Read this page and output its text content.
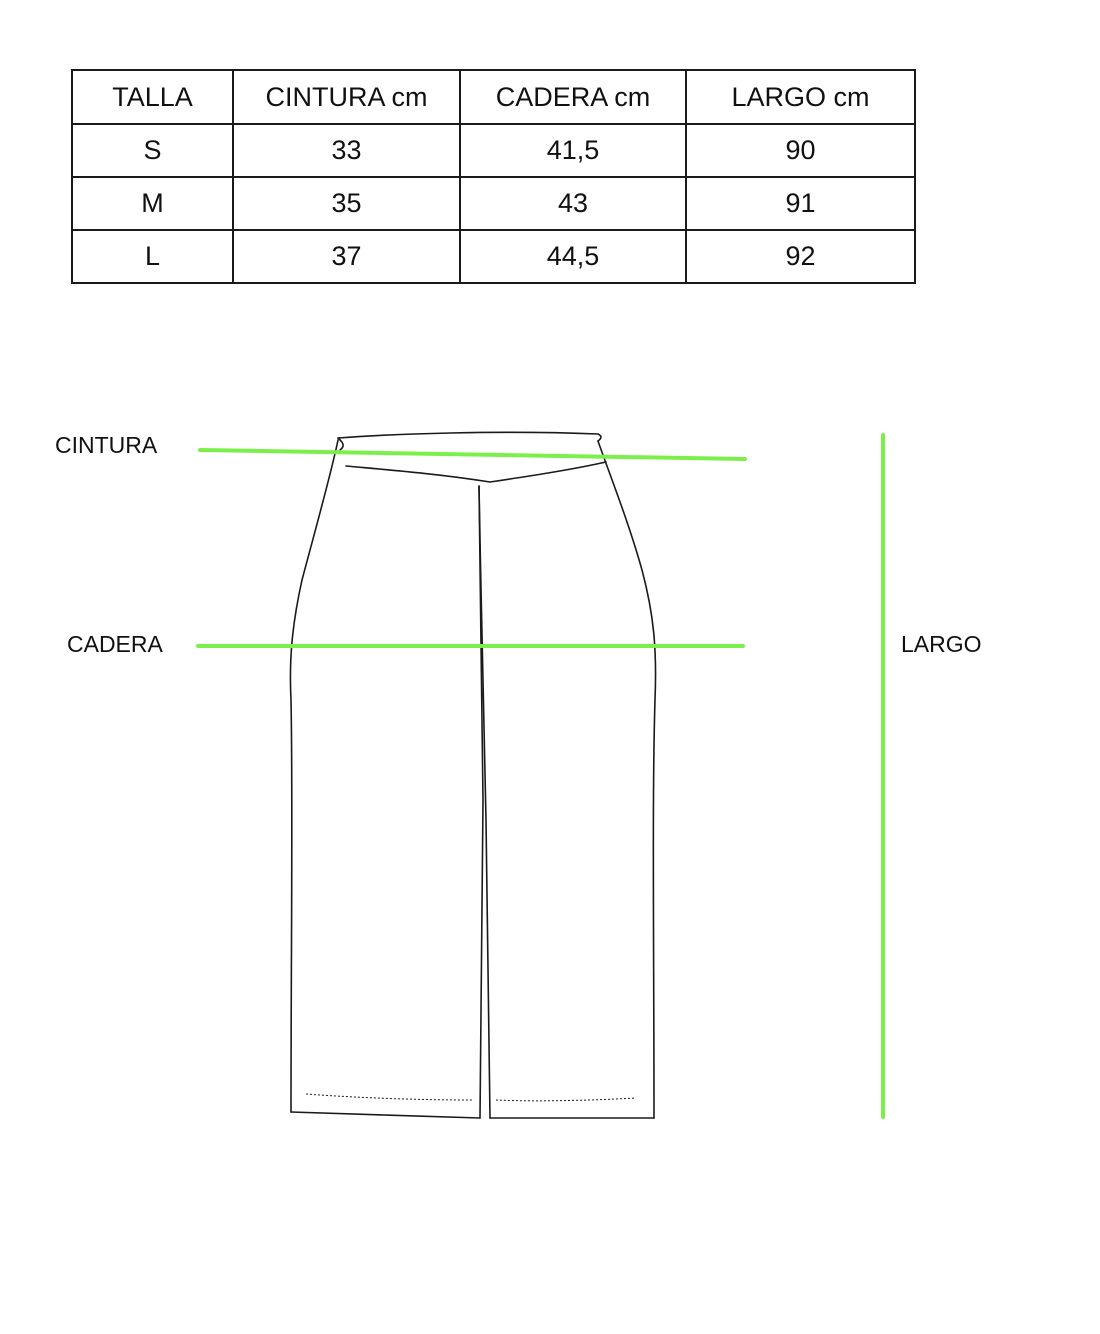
TALLA	CINTURA cm	CADERA cm	LARGO cm
S	33	41,5	90
M	35	43	91
L	37	44,5	92
CINTURA
CADERA	LARGO
